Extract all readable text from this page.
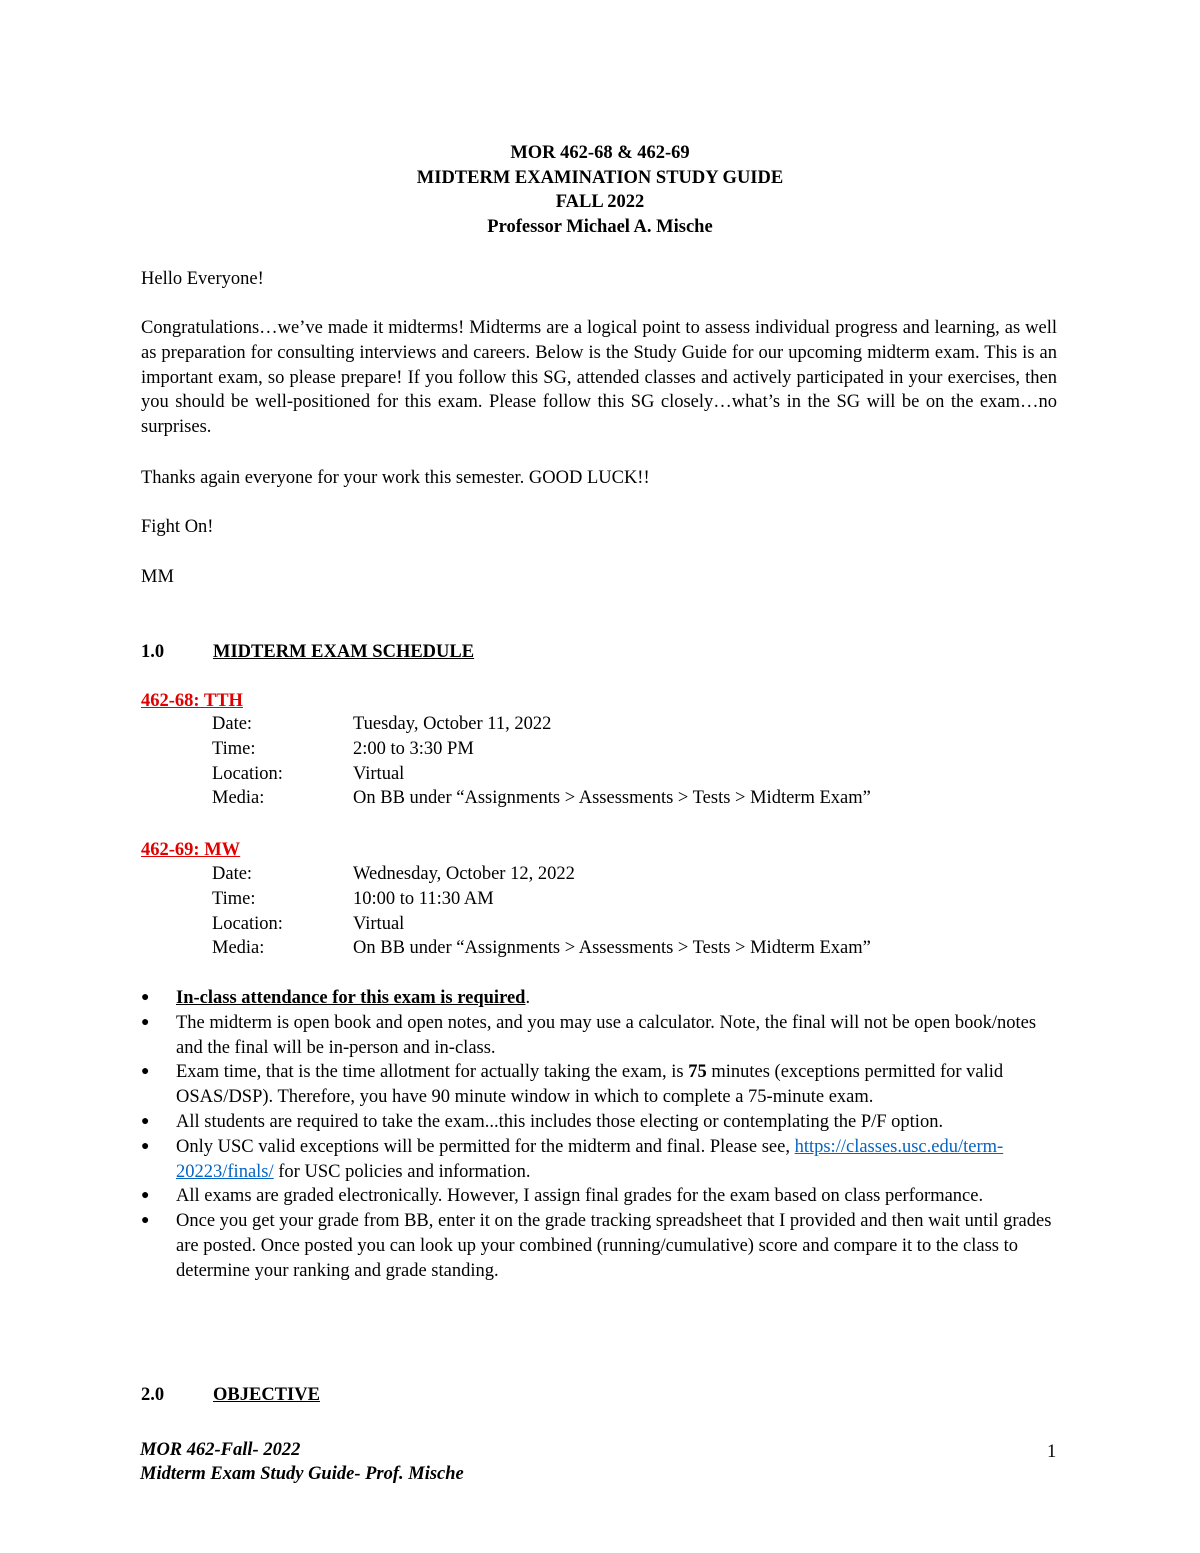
MOR 462-68 & 462-69
MIDTERM EXAMINATION STUDY GUIDE
FALL 2022
Professor Michael A. Mische
Hello Everyone!
Congratulations…we’ve made it midterms! Midterms are a logical point to assess individual progress and learning, as well as preparation for consulting interviews and careers. Below is the Study Guide for our upcoming midterm exam. This is an important exam, so please prepare! If you follow this SG, attended classes and actively participated in your exercises, then you should be well-positioned for this exam. Please follow this SG closely…what’s in the SG will be on the exam…no surprises.
Thanks again everyone for your work this semester. GOOD LUCK!!
Fight On!
MM
1.0	MIDTERM EXAM SCHEDULE
462-68: TTH
Date:	Tuesday, October 11, 2022
Time:	2:00 to 3:30 PM
Location:	Virtual
Media:	On BB under “Assignments > Assessments > Tests > Midterm Exam”
462-69: MW
Date:	Wednesday, October 12, 2022
Time:	10:00 to 11:30 AM
Location:	Virtual
Media:	On BB under “Assignments > Assessments > Tests > Midterm Exam”
●	In-class attendance for this exam is required.
●	The midterm is open book and open notes, and you may use a calculator. Note, the final will not be open book/notes and the final will be in-person and in-class.
●	Exam time, that is the time allotment for actually taking the exam, is 75 minutes (exceptions permitted for valid OSAS/DSP). Therefore, you have 90 minute window in which to complete a 75-minute exam.
●	All students are required to take the exam...this includes those electing or contemplating the P/F option.
●	Only USC valid exceptions will be permitted for the midterm and final. Please see, https://classes.usc.edu/term-20223/finals/ for USC policies and information.
●	All exams are graded electronically. However, I assign final grades for the exam based on class performance.
●	Once you get your grade from BB, enter it on the grade tracking spreadsheet that I provided and then wait until grades are posted. Once posted you can look up your combined (running/cumulative) score and compare it to the class to determine your ranking and grade standing.
2.0	OBJECTIVE
MOR 462-Fall- 2022
Midterm Exam Study Guide- Prof. Mische
1
